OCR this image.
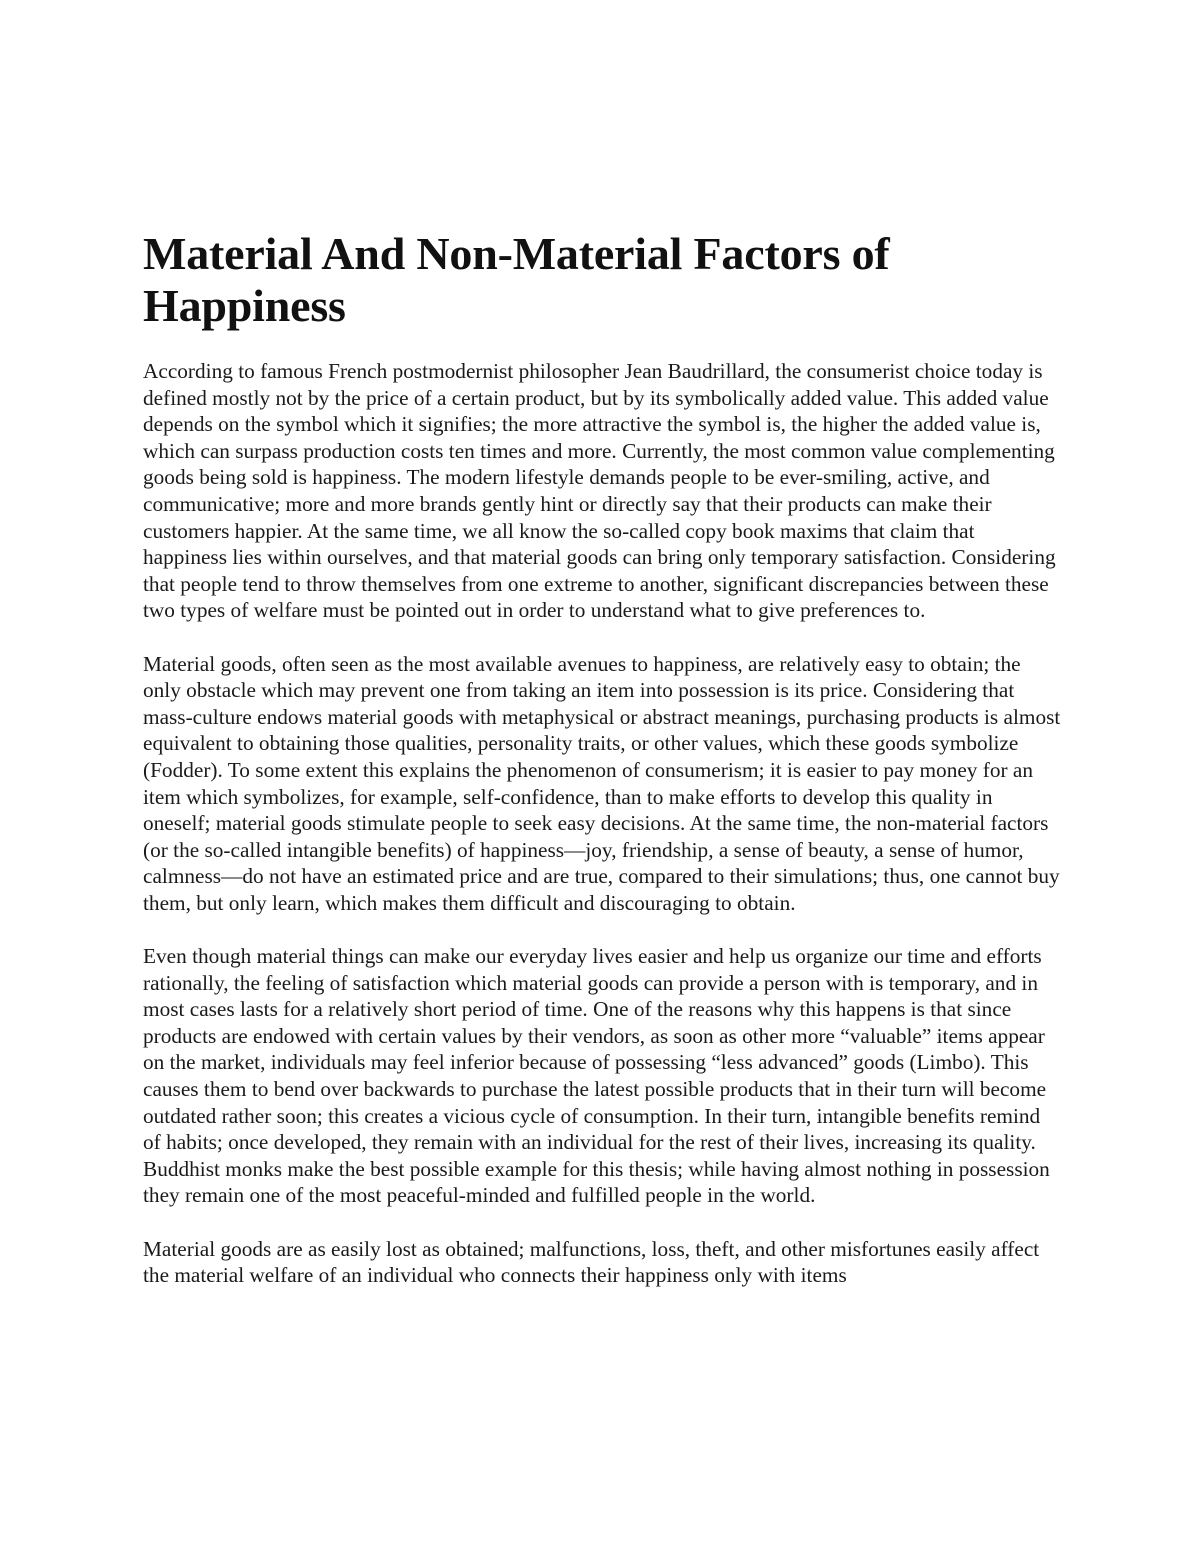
Material And Non-Material Factors of Happiness

According to famous French postmodernist philosopher Jean Baudrillard, the consumerist choice today is defined mostly not by the price of a certain product, but by its symbolically added value. This added value depends on the symbol which it signifies; the more attractive the symbol is, the higher the added value is, which can surpass production costs ten times and more. Currently, the most common value complementing goods being sold is happiness. The modern lifestyle demands people to be ever-smiling, active, and communicative; more and more brands gently hint or directly say that their products can make their customers happier. At the same time, we all know the so-called copy book maxims that claim that happiness lies within ourselves, and that material goods can bring only temporary satisfaction. Considering that people tend to throw themselves from one extreme to another, significant discrepancies between these two types of welfare must be pointed out in order to understand what to give preferences to.

Material goods, often seen as the most available avenues to happiness, are relatively easy to obtain; the only obstacle which may prevent one from taking an item into possession is its price. Considering that mass-culture endows material goods with metaphysical or abstract meanings, purchasing products is almost equivalent to obtaining those qualities, personality traits, or other values, which these goods symbolize (Fodder). To some extent this explains the phenomenon of consumerism; it is easier to pay money for an item which symbolizes, for example, self-confidence, than to make efforts to develop this quality in oneself; material goods stimulate people to seek easy decisions. At the same time, the non-material factors (or the so-called intangible benefits) of happiness—joy, friendship, a sense of beauty, a sense of humor, calmness—do not have an estimated price and are true, compared to their simulations; thus, one cannot buy them, but only learn, which makes them difficult and discouraging to obtain.

Even though material things can make our everyday lives easier and help us organize our time and efforts rationally, the feeling of satisfaction which material goods can provide a person with is temporary, and in most cases lasts for a relatively short period of time. One of the reasons why this happens is that since products are endowed with certain values by their vendors, as soon as other more “valuable” items appear on the market, individuals may feel inferior because of possessing “less advanced” goods (Limbo). This causes them to bend over backwards to purchase the latest possible products that in their turn will become outdated rather soon; this creates a vicious cycle of consumption. In their turn, intangible benefits remind of habits; once developed, they remain with an individual for the rest of their lives, increasing its quality. Buddhist monks make the best possible example for this thesis; while having almost nothing in possession they remain one of the most peaceful-minded and fulfilled people in the world.

Material goods are as easily lost as obtained; malfunctions, loss, theft, and other misfortunes easily affect the material welfare of an individual who connects their happiness only with items
